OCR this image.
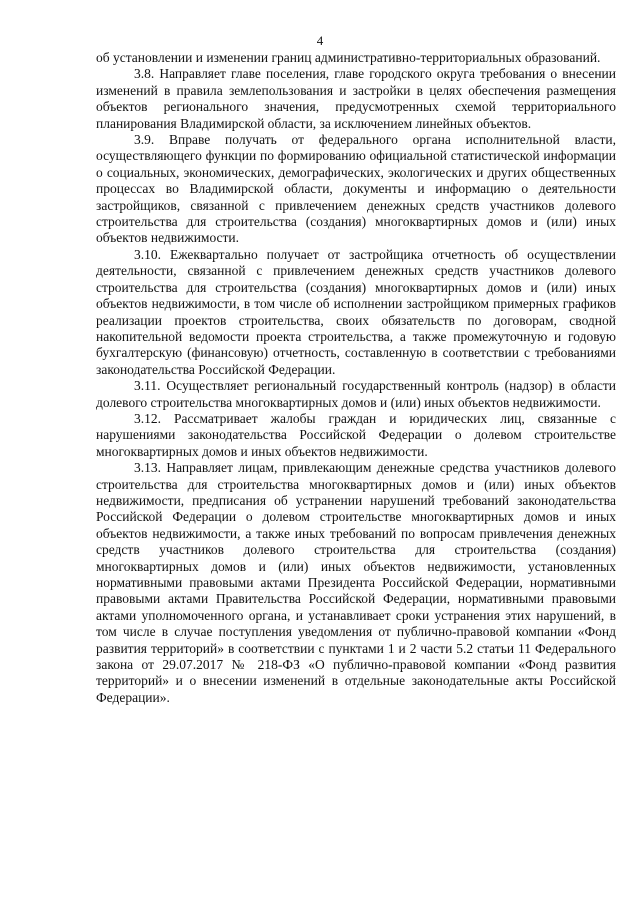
4

об установлении и изменении границ административно-территориальных образований.

3.8. Направляет главе поселения, главе городского округа требования о внесении изменений в правила землепользования и застройки в целях обеспечения размещения объектов регионального значения, предусмотренных схемой территориального планирования Владимирской области, за исключением линейных объектов.

3.9. Вправе получать от федерального органа исполнительной власти, осуществляющего функции по формированию официальной статистической информации о социальных, экономических, демографических, экологических и других общественных процессах во Владимирской области, документы и информацию о деятельности застройщиков, связанной с привлечением денежных средств участников долевого строительства для строительства (создания) многоквартирных домов и (или) иных объектов недвижимости.

3.10. Ежеквартально получает от застройщика отчетность об осуществлении деятельности, связанной с привлечением денежных средств участников долевого строительства для строительства (создания) многоквартирных домов и (или) иных объектов недвижимости, в том числе об исполнении застройщиком примерных графиков реализации проектов строительства, своих обязательств по договорам, сводной накопительной ведомости проекта строительства, а также промежуточную и годовую бухгалтерскую (финансовую) отчетность, составленную в соответствии с требованиями законодательства Российской Федерации.

3.11. Осуществляет региональный государственный контроль (надзор) в области долевого строительства многоквартирных домов и (или) иных объектов недвижимости.

3.12. Рассматривает жалобы граждан и юридических лиц, связанные с нарушениями законодательства Российской Федерации о долевом строительстве многоквартирных домов и иных объектов недвижимости.

3.13. Направляет лицам, привлекающим денежные средства участников долевого строительства для строительства многоквартирных домов и (или) иных объектов недвижимости, предписания об устранении нарушений требований законодательства Российской Федерации о долевом строительстве многоквартирных домов и иных объектов недвижимости, а также иных требований по вопросам привлечения денежных средств участников долевого строительства для строительства (создания) многоквартирных домов и (или) иных объектов недвижимости, установленных нормативными правовыми актами Президента Российской Федерации, нормативными правовыми актами Правительства Российской Федерации, нормативными правовыми актами уполномоченного органа, и устанавливает сроки устранения этих нарушений, в том числе в случае поступления уведомления от публично-правовой компании «Фонд развития территорий» в соответствии с пунктами 1 и 2 части 5.2 статьи 11 Федерального закона от 29.07.2017 № 218-ФЗ «О публично-правовой компании «Фонд развития территорий» и о внесении изменений в отдельные законодательные акты Российской Федерации».
